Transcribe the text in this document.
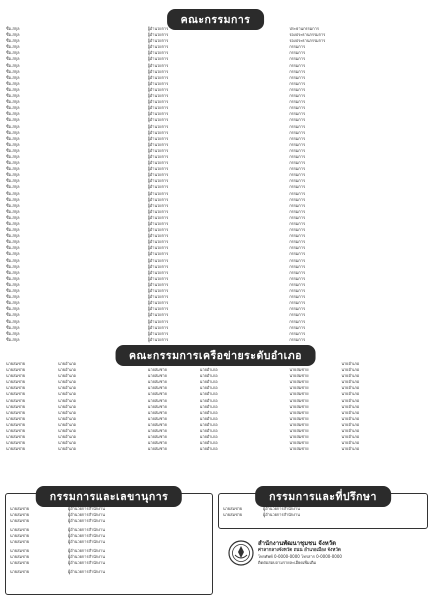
คณะกรรมการ
ชื่อ-สกุล	ผู้อำนวยการ	ประธานกรรมการ
ชื่อ-สกุล	ผู้อำนวยการ	รองประธานกรรมการ
ชื่อ-สกุล	ผู้อำนวยการ	รองประธานกรรมการ
ชื่อ-สกุล	ผู้อำนวยการ	กรรมการ
ชื่อ-สกุล	ผู้อำนวยการ	กรรมการ
ชื่อ-สกุล	ผู้อำนวยการ	กรรมการ
ชื่อ-สกุล	ผู้อำนวยการ	กรรมการ
ชื่อ-สกุล	ผู้อำนวยการ	กรรมการ
ชื่อ-สกุล	ผู้อำนวยการ	กรรมการ
ชื่อ-สกุล	ผู้อำนวยการ	กรรมการ
ชื่อ-สกุล	ผู้อำนวยการ	กรรมการ
ชื่อ-สกุล	ผู้อำนวยการ	กรรมการ
ชื่อ-สกุล	ผู้อำนวยการ	กรรมการ
ชื่อ-สกุล	ผู้อำนวยการ	กรรมการ
ชื่อ-สกุล	ผู้อำนวยการ	กรรมการ
ชื่อ-สกุล	ผู้อำนวยการ	กรรมการ
ชื่อ-สกุล	ผู้อำนวยการ	กรรมการ
ชื่อ-สกุล	ผู้อำนวยการ	กรรมการ
ชื่อ-สกุล	ผู้อำนวยการ	กรรมการ
ชื่อ-สกุล	ผู้อำนวยการ	กรรมการ
ชื่อ-สกุล	ผู้อำนวยการ	กรรมการ
ชื่อ-สกุล	ผู้อำนวยการ	กรรมการ
ชื่อ-สกุล	ผู้อำนวยการ	กรรมการ
ชื่อ-สกุล	ผู้อำนวยการ	กรรมการ
ชื่อ-สกุล	ผู้อำนวยการ	กรรมการ
ชื่อ-สกุล	ผู้อำนวยการ	กรรมการ
ชื่อ-สกุล	ผู้อำนวยการ	กรรมการ
ชื่อ-สกุล	ผู้อำนวยการ	กรรมการ
ชื่อ-สกุล	ผู้อำนวยการ	กรรมการ
ชื่อ-สกุล	ผู้อำนวยการ	กรรมการ
ชื่อ-สกุล	ผู้อำนวยการ	กรรมการ
ชื่อ-สกุล	ผู้อำนวยการ	กรรมการ
ชื่อ-สกุล	ผู้อำนวยการ	กรรมการ
ชื่อ-สกุล	ผู้อำนวยการ	กรรมการ
ชื่อ-สกุล	ผู้อำนวยการ	กรรมการ
ชื่อ-สกุล	ผู้อำนวยการ	กรรมการ
ชื่อ-สกุล	ผู้อำนวยการ	กรรมการ
ชื่อ-สกุล	ผู้อำนวยการ	กรรมการ
ชื่อ-สกุล	ผู้อำนวยการ	กรรมการ
ชื่อ-สกุล	ผู้อำนวยการ	กรรมการ
ชื่อ-สกุล	ผู้อำนวยการ	กรรมการ
ชื่อ-สกุล	ผู้อำนวยการ	กรรมการ
ชื่อ-สกุล	ผู้อำนวยการ	กรรมการ
ชื่อ-สกุล	ผู้อำนวยการ	กรรมการ
ชื่อ-สกุล	ผู้อำนวยการ	กรรมการ
ชื่อ-สกุล	ผู้อำนวยการ	กรรมการ
ชื่อ-สกุล	ผู้อำนวยการ	กรรมการ
ชื่อ-สกุล	ผู้อำนวยการ	กรรมการ
ชื่อ-สกุล	ผู้อำนวยการ	กรรมการ
ชื่อ-สกุล	ผู้อำนวยการ	กรรมการ
ชื่อ-สกุล	ผู้อำนวยการ	กรรมการ
ชื่อ-สกุล	ผู้อำนวยการ	กรรมการ
คณะกรรมการเครือข่ายระดับอำเภอ
นายสมชาย	นายอำเภอ	นายสมชาย	นายอำเภอ	นายสมชาย	นายอำเภอ
นายสมชาย	นายอำเภอ	นายสมชาย	นายอำเภอ	นายสมชาย	นายอำเภอ
นายสมชาย	นายอำเภอ	นายสมชาย	นายอำเภอ	นายสมชาย	นายอำเภอ
นายสมชาย	นายอำเภอ	นายสมชาย	นายอำเภอ	นายสมชาย	นายอำเภอ
นายสมชาย	นายอำเภอ	นายสมชาย	นายอำเภอ	นายสมชาย	นายอำเภอ
นายสมชาย	นายอำเภอ	นายสมชาย	นายอำเภอ	นายสมชาย	นายอำเภอ
นายสมชาย	นายอำเภอ	นายสมชาย	นายอำเภอ	นายสมชาย	นายอำเภอ
นายสมชาย	นายอำเภอ	นายสมชาย	นายอำเภอ	นายสมชาย	นายอำเภอ
นายสมชาย	นายอำเภอ	นายสมชาย	นายอำเภอ	นายสมชาย	นายอำเภอ
นายสมชาย	นายอำเภอ	นายสมชาย	นายอำเภอ	นายสมชาย	นายอำเภอ
นายสมชาย	นายอำเภอ	นายสมชาย	นายอำเภอ	นายสมชาย	นายอำเภอ
นายสมชาย	นายอำเภอ	นายสมชาย	นายอำเภอ	นายสมชาย	นายอำเภอ
นายสมชาย	นายอำเภอ	นายสมชาย	นายอำเภอ	นายสมชาย	นายอำเภอ
นายสมชาย	นายอำเภอ	นายสมชาย	นายอำเภอ	นายสมชาย	นายอำเภอ
นายสมชาย	นายอำเภอ	นายสมชาย	นายอำเภอ	นายสมชาย	นายอำเภอ
กรรมการและเลขานุการ
นายสมชาย	ผู้อำนวยการสำนักงาน
นายสมชาย	ผู้อำนวยการสำนักงาน
นายสมชาย	ผู้อำนวยการสำนักงาน
นายสมชาย	ผู้อำนวยการสำนักงาน
นายสมชาย	ผู้อำนวยการสำนักงาน
นายสมชาย	ผู้อำนวยการสำนักงาน
นายสมชาย	ผู้อำนวยการสำนักงาน
นายสมชาย	ผู้อำนวยการสำนักงาน
นายสมชาย	ผู้อำนวยการสำนักงาน
นายสมชาย	ผู้อำนวยการสำนักงาน
กรรมการและที่ปรึกษา
นายสมชาย	ผู้อำนวยการสำนักงาน
นายสมชาย	ผู้อำนวยการสำนักงาน
สำนักงานพัฒนาชุมชน จังหวัด
ศาลากลางจังหวัด ถนน อำเภอเมือง จังหวัด
โทรศัพท์ 0-0000-0000 โทรสาร 0-0000-0000
ติดต่อสอบถามรายละเอียดเพิ่มเติม
